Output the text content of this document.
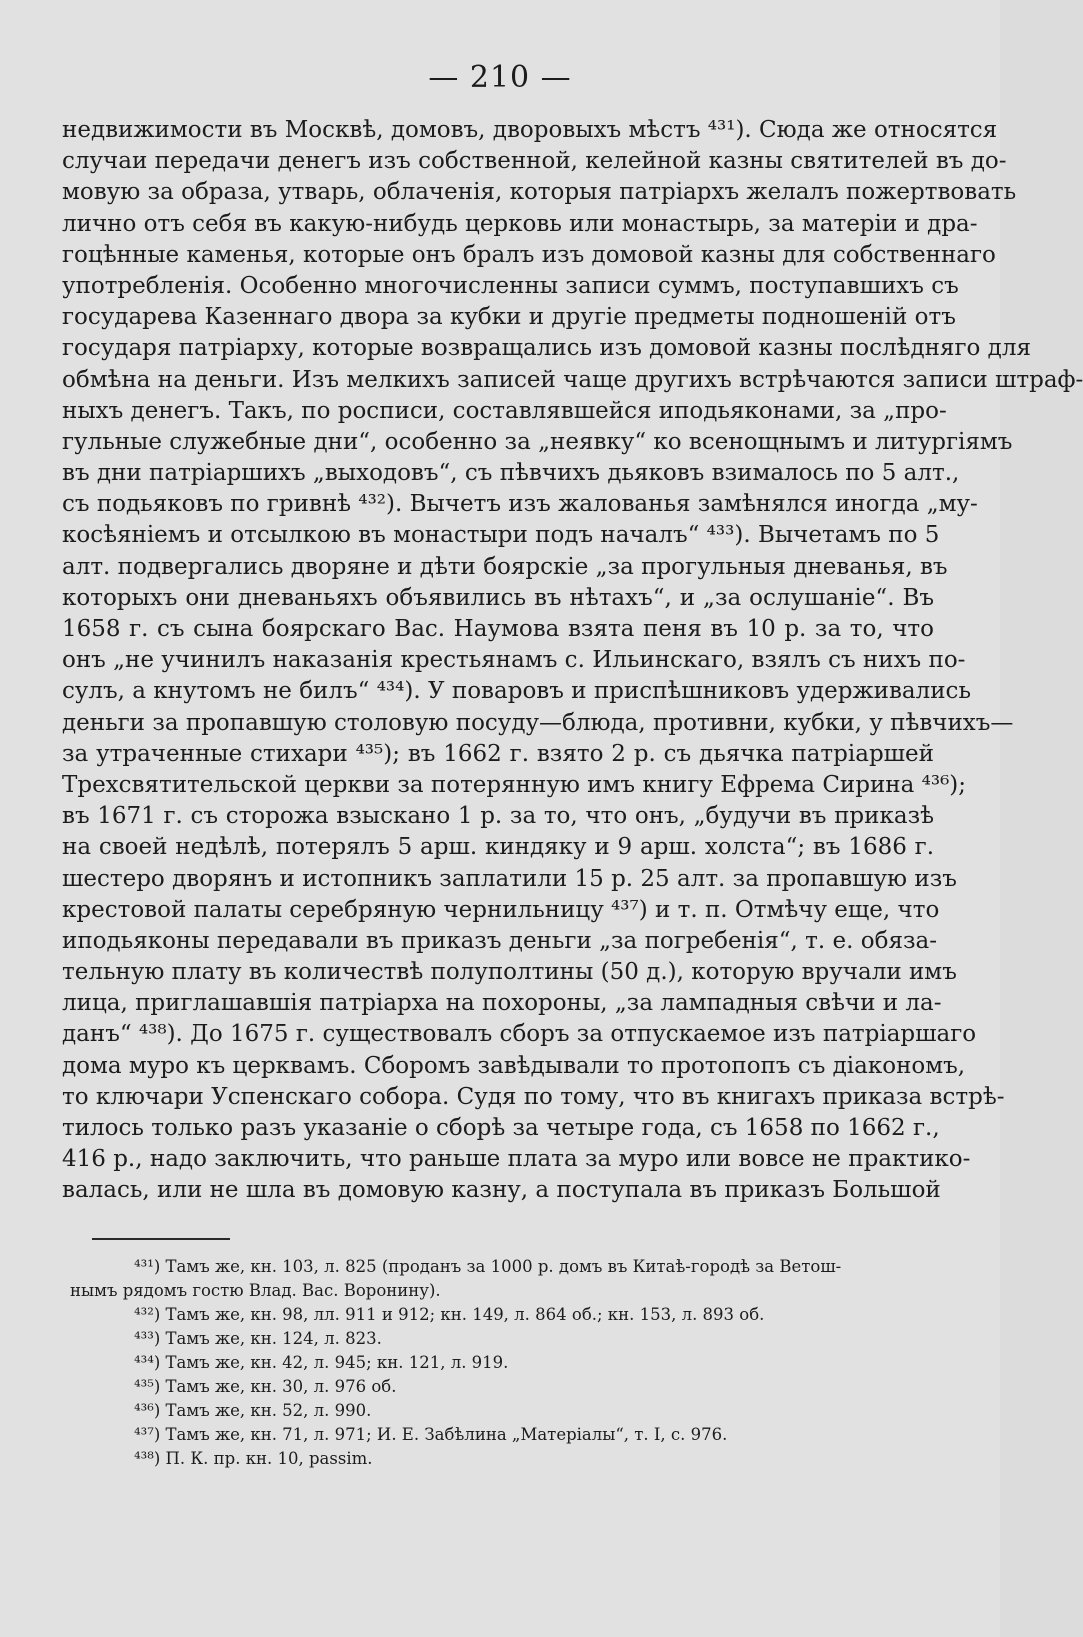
— 210 —
недвижимости въ Москвѣ, домовъ, дворовыхъ мѣстъ ⁴³¹). Сюда же относятся
случаи передачи денегъ изъ собственной, келейной казны святителей въ до-
мовую за образа, утварь, облаченія, которыя патріархъ желалъ пожертвовать
лично отъ себя въ какую-нибудь церковь или монастырь, за матеріи и дра-
гоцѣнные каменья, которые онъ бралъ изъ домовой казны для собственнаго
употребленія. Особенно многочисленны записи суммъ, поступавшихъ съ
государева Казеннаго двора за кубки и другіе предметы подношеній отъ
государя патріарху, которые возвращались изъ домовой казны послѣдняго для
обмѣна на деньги. Изъ мелкихъ записей чаще другихъ встрѣчаются записи штраф-
ныхъ денегъ. Такъ, по росписи, составлявшейся иподьяконами, за „про-
гульные служебные дни“, особенно за „неявку“ ко всенощнымъ и литургіямъ
въ дни патріаршихъ „выходовъ“, съ пѣвчихъ дьяковъ взималось по 5 алт.,
съ подьяковъ по гривнѣ ⁴³²). Вычетъ изъ жалованья замѣнялся иногда „му-
косѣяніемъ и отсылкою въ монастыри подъ началъ“ ⁴³³). Вычетамъ по 5
алт. подвергались дворяне и дѣти боярскіе „за прогульныя дневанья, въ
которыхъ они дневаньяхъ объявились въ нѣтахъ“, и „за ослушаніе“. Въ
1658 г. съ сына боярскаго Вас. Наумова взята пеня въ 10 р. за то, что
онъ „не учинилъ наказанія крестьянамъ с. Ильинскаго, взялъ съ нихъ по-
сулъ, а кнутомъ не билъ“ ⁴³⁴). У поваровъ и приспѣшниковъ удерживались
деньги за пропавшую столовую посуду—блюда, противни, кубки, у пѣвчихъ—
за утраченные стихари ⁴³⁵); въ 1662 г. взято 2 р. съ дьячка патріаршей
Трехсвятительской церкви за потерянную имъ книгу Ефрема Сирина ⁴³⁶);
въ 1671 г. съ сторожа взыскано 1 р. за то, что онъ, „будучи въ приказѣ
на своей недѣлѣ, потерялъ 5 арш. киндяку и 9 арш. холста“; въ 1686 г.
шестеро дворянъ и истопникъ заплатили 15 р. 25 алт. за пропавшую изъ
крестовой палаты серебряную чернильницу ⁴³⁷) и т. п. Отмѣчу еще, что
иподьяконы передавали въ приказъ деньги „за погребенія“, т. е. обяза-
тельную плату въ количествѣ полуполтины (50 д.), которую вручали имъ
лица, приглашавшія патріарха на похороны, „за лампадныя свѣчи и ла-
данъ“ ⁴³⁸). До 1675 г. существовалъ сборъ за отпускаемое изъ патріаршаго
дома муро къ церквамъ. Сборомъ завѣдывали то протопопъ съ діакономъ,
то ключари Успенскаго собора. Судя по тому, что въ книгахъ приказа встрѣ-
тилось только разъ указаніе о сборѣ за четыре года, съ 1658 по 1662 г.,
416 р., надо заключить, что раньше плата за муро или вовсе не практико-
валась, или не шла въ домовую казну, а поступала въ приказъ Большой
⁴³¹) Тамъ же, кн. 103, л. 825 (проданъ за 1000 р. домъ въ Китаѣ-городѣ за Ветош-
нымъ рядомъ гостю Влад. Вас. Воронину).
⁴³²) Тамъ же, кн. 98, лл. 911 и 912; кн. 149, л. 864 об.; кн. 153, л. 893 об.
⁴³³) Тамъ же, кн. 124, л. 823.
⁴³⁴) Тамъ же, кн. 42, л. 945; кн. 121, л. 919.
⁴³⁵) Тамъ же, кн. 30, л. 976 об.
⁴³⁶) Тамъ же, кн. 52, л. 990.
⁴³⁷) Тамъ же, кн. 71, л. 971; И. Е. Забѣлина „Матеріалы“, т. I, с. 976.
⁴³⁸) П. К. пр. кн. 10, passim.
